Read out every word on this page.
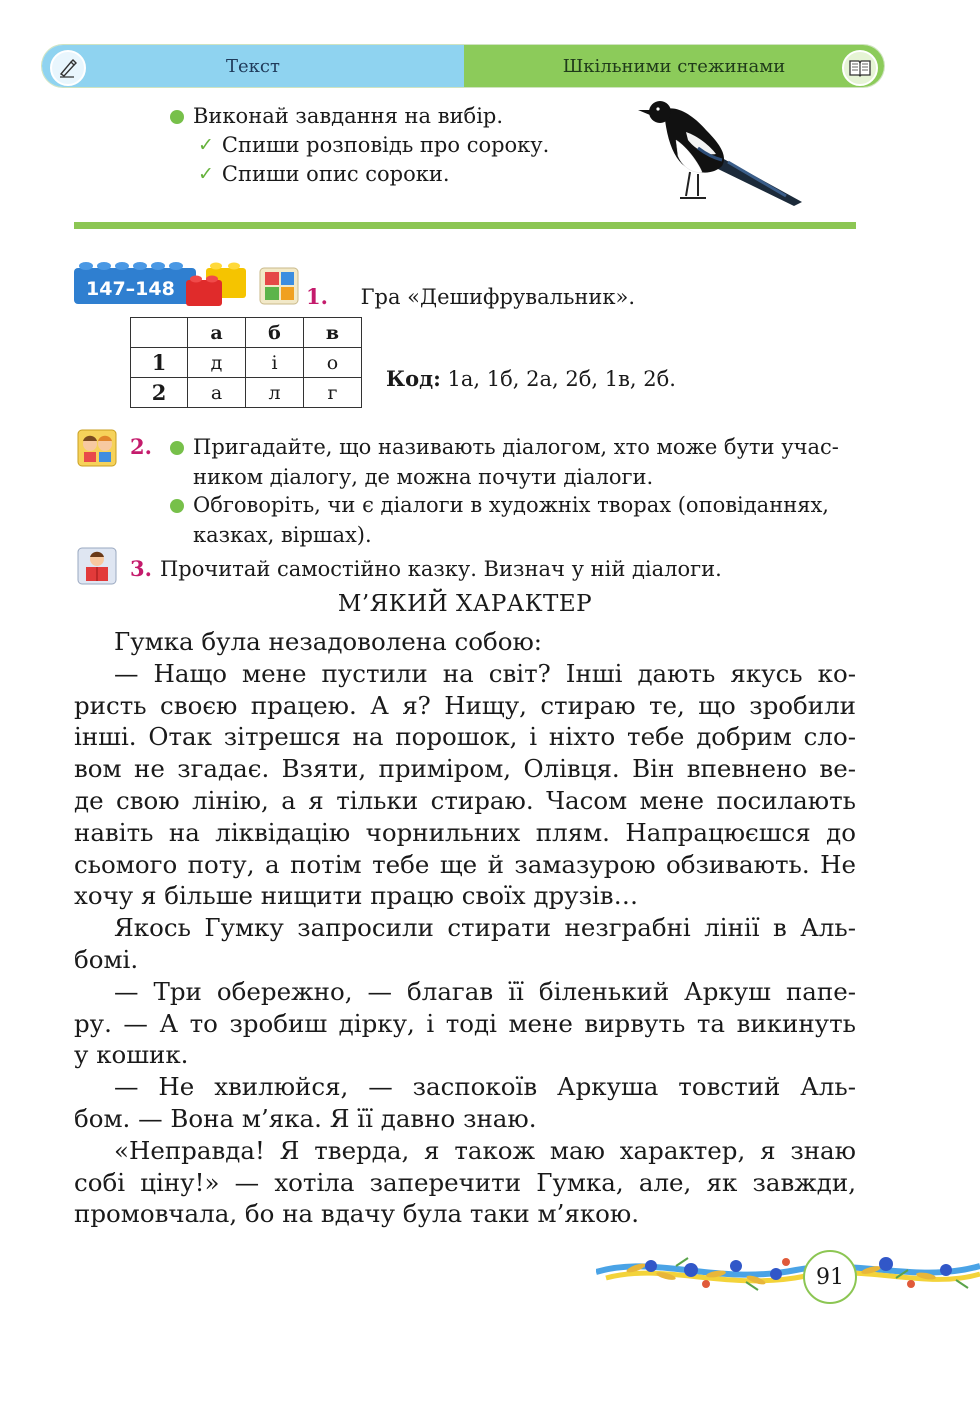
Текст	Шкільними стежинами
Виконай завдання на вибір.
✓ Спиши розповідь про сороку.
✓ Спиши опис сороки.
147–148	1. Гра «Дешифрувальник».
	а	б	в
1	д	і	о
2	а	л	г
Код: 1а, 1б, 2а, 2б, 1в, 2б.
2.	Пригадайте, що називають діалогом, хто може бути учас-
ником діалогу, де можна почути діалоги.
Обговоріть, чи є діалоги в художніх творах (оповіданнях,
казках, віршах).
3. Прочитай самостійно казку. Визнач у ній діалоги.
М’ЯКИЙ ХАРАКТЕР

Гумка була незадоволена собою:

— Нащо мене пустили на світ? Інші дають якусь ко-

ристь своєю працею. А я? Нищу, стираю те, що зробили

інші. Отак зітрешся на порошок, і ніхто тебе добрим сло-

вом не згадає. Взяти, приміром, Олівця. Він впевнено ве-

де свою лінію, а я тільки стираю. Часом мене посилають

навіть на ліквідацію чорнильних плям. Напрацюєшся до

сьомого поту, а потім тебе ще й замазурою обзивають. Не

хочу я більше нищити працю своїх друзів…

Якось Гумку запросили стирати незграбні лінії в Аль-

бомі.

— Три обережно, — благав її біленький Аркуш папе-

ру. — А то зробиш дірку, і тоді мене вирвуть та викинуть

у кошик.

— Не хвилюйся, — заспокоїв Аркуша товстий Аль-

бом. — Вона м’яка. Я її давно знаю.

«Неправда! Я тверда, я також маю характер, я знаю

собі ціну!» — хотіла заперечити Гумка, але, як завжди,

промовчала, бо на вдачу була таки м’якою.

91
